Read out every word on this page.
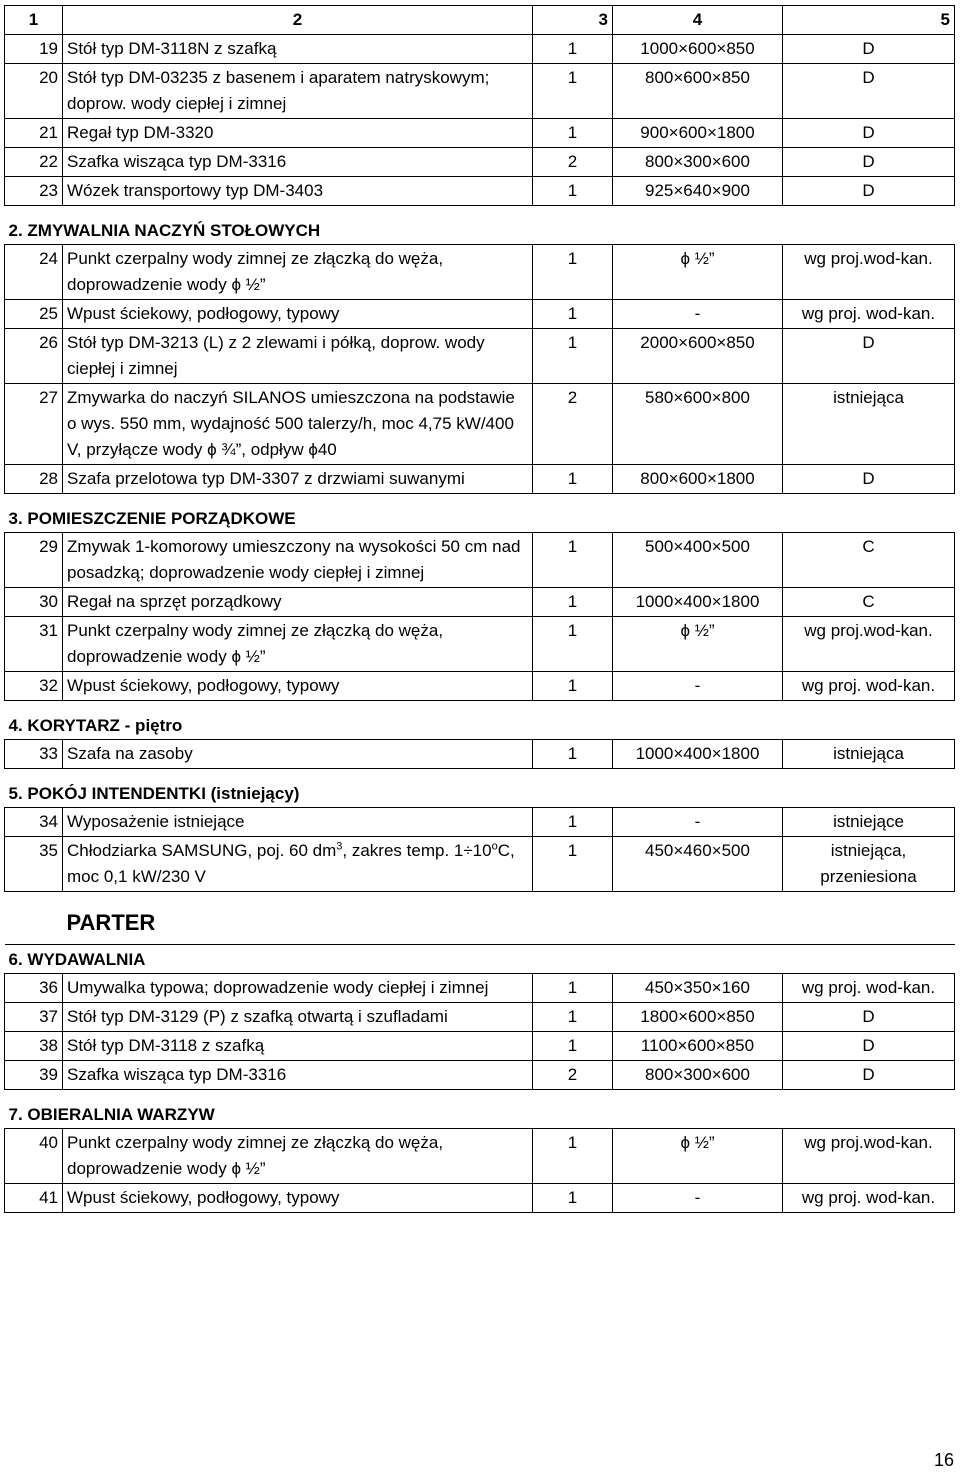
1	2	3	4	5
19	Stół typ DM-3118N z szafką	1	1000×600×850	D
20	Stół typ DM-03235 z basenem i aparatem natryskowym; doprow. wody ciepłej i zimnej	1	800×600×850	D
21	Regał typ DM-3320	1	900×600×1800	D
22	Szafka wisząca typ DM-3316	2	800×300×600	D
23	Wózek transportowy typ DM-3403	1	925×640×900	D
2. ZMYWALNIA NACZYŃ STOŁOWYCH				
24	Punkt czerpalny wody zimnej ze złączką do węża, doprowadzenie wody ϕ ½”	1	ϕ ½”	wg proj.wod-kan.
25	Wpust ściekowy, podłogowy, typowy	1	-	wg proj. wod-kan.
26	Stół typ DM-3213 (L) z 2 zlewami i półką, doprow. wody ciepłej i zimnej	1	2000×600×850	D
27	Zmywarka do naczyń SILANOS umieszczona na podstawie o wys. 550 mm, wydajność 500 talerzy/h, moc 4,75 kW/400 V, przyłącze wody ϕ ¾”, odpływ ϕ40	2	580×600×800	istniejąca
28	Szafa przelotowa typ DM-3307 z drzwiami suwanymi	1	800×600×1800	D
3. POMIESZCZENIE PORZĄDKOWE				
29	Zmywak 1-komorowy umieszczony na wysokości 50 cm nad posadzką; doprowadzenie wody ciepłej i zimnej	1	500×400×500	C
30	Regał na sprzęt porządkowy	1	1000×400×1800	C
31	Punkt czerpalny wody zimnej ze złączką do węża, doprowadzenie wody ϕ ½”	1	ϕ ½”	wg proj.wod-kan.
32	Wpust ściekowy, podłogowy, typowy	1	-	wg proj. wod-kan.
4. KORYTARZ - piętro				
33	Szafa na zasoby	1	1000×400×1800	istniejąca
5. POKÓJ INTENDENTKI (istniejący)				
34	Wyposażenie istniejące	1	-	istniejące
35	Chłodziarka SAMSUNG, poj. 60 $dm^3$, zakres temp. $1\div 10^oC$, moc 0,1 kW/230 V	1	450×460×500	istniejąca, przeniesiona
PARTER				
6. WYDAWALNIA				
36	Umywalka typowa; doprowadzenie wody ciepłej i zimnej	1	450×350×160	wg proj. wod-kan.
37	Stół typ DM-3129 (P) z szafką otwartą i szufladami	1	1800×600×850	D
38	Stół typ DM-3118 z szafką	1	1100×600×850	D
39	Szafka wisząca typ DM-3316	2	800×300×600	D
7. OBIERALNIA WARZYW				
40	Punkt czerpalny wody zimnej ze złączką do węża, doprowadzenie wody ϕ ½”	1	ϕ ½”	wg proj.wod-kan.
41	Wpust ściekowy, podłogowy, typowy	1	-	wg proj. wod-kan.
16
